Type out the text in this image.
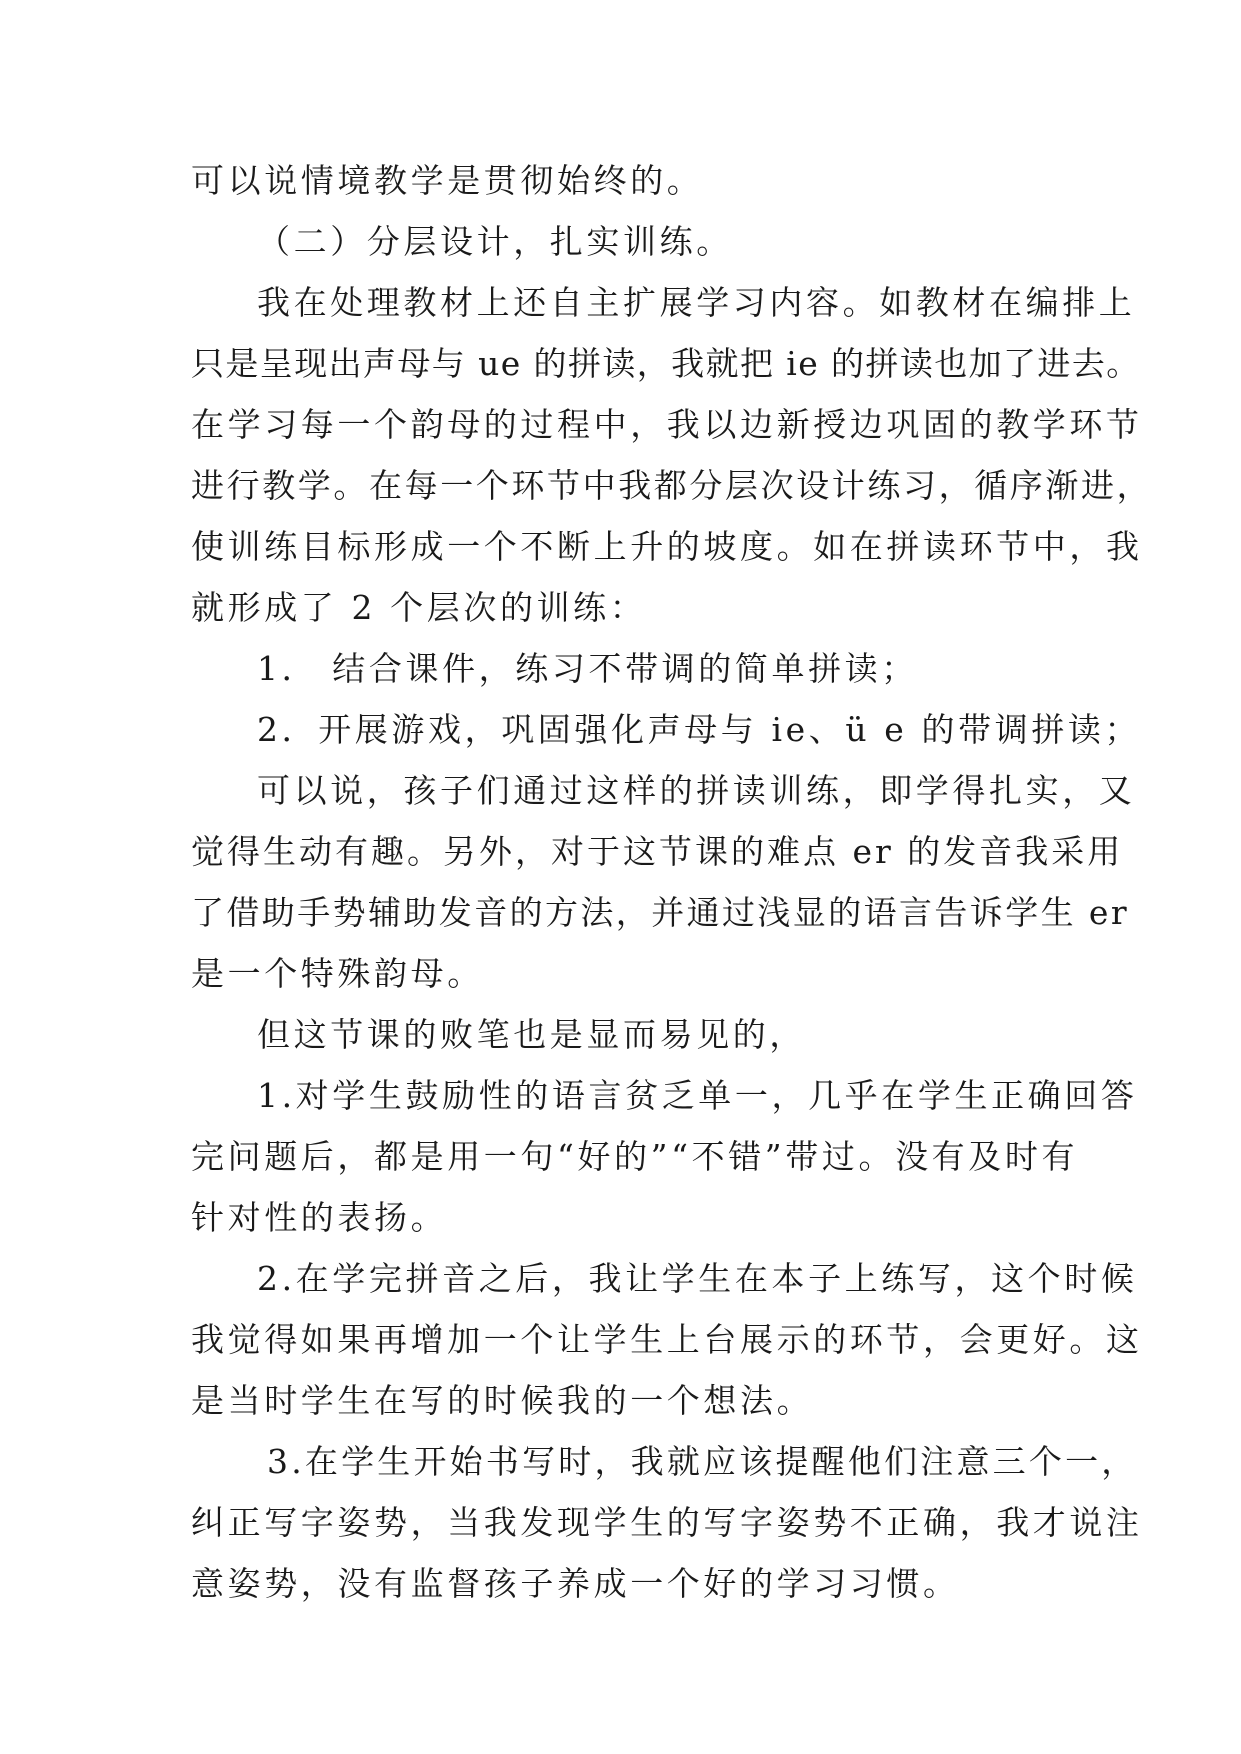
可以说情境教学是贯彻始终的。
（二）分层设计，扎实训练。
我在处理教材上还自主扩展学习内容。如教材在编排上
只是呈现出声母与 ue 的拼读，我就把 ie 的拼读也加了进去。
在学习每一个韵母的过程中，我以边新授边巩固的教学环节
进行教学。在每一个环节中我都分层次设计练习，循序渐进，
使训练目标形成一个不断上升的坡度。如在拼读环节中，我
就形成了 2 个层次的训练：
1． 结合课件，练习不带调的简单拼读；
2．开展游戏，巩固强化声母与 ie、ü e 的带调拼读；
可以说，孩子们通过这样的拼读训练，即学得扎实，又
觉得生动有趣。另外，对于这节课的难点 er 的发音我采用
了借助手势辅助发音的方法，并通过浅显的语言告诉学生 er
是一个特殊韵母。
但这节课的败笔也是显而易见的，
1.对学生鼓励性的语言贫乏单一，几乎在学生正确回答
完问题后，都是用一句“好的”“不错”带过。没有及时有
针对性的表扬。
2.在学完拼音之后，我让学生在本子上练写，这个时候
我觉得如果再增加一个让学生上台展示的环节，会更好。这
是当时学生在写的时候我的一个想法。
3.在学生开始书写时，我就应该提醒他们注意三个一，
纠正写字姿势，当我发现学生的写字姿势不正确，我才说注
意姿势，没有监督孩子养成一个好的学习习惯。
